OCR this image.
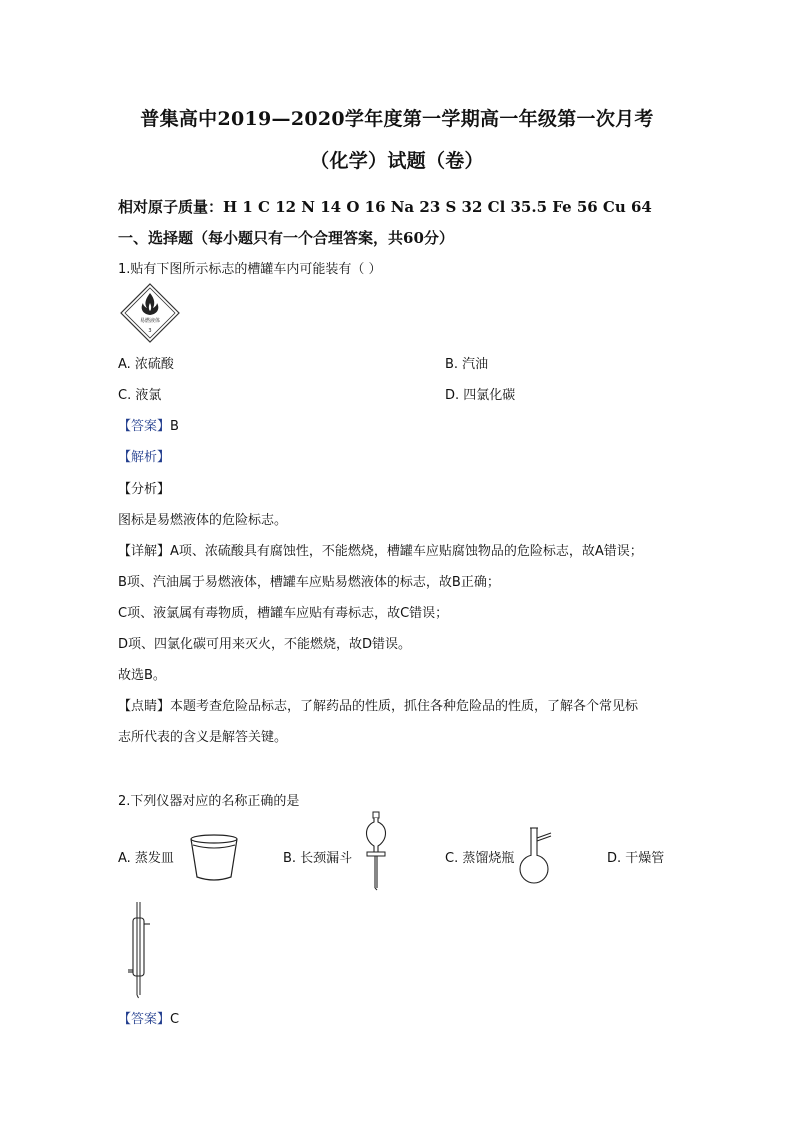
普集高中2019—2020学年度第一学期高一年级第一次月考
（化学）试题（卷）
相对原子质量：H 1 C 12 N 14 O 16 Na 23 S 32 Cl 35.5 Fe 56 Cu 64
一、选择题（每小题只有一个合理答案，共60分）
1.贴有下图所示标志的槽罐车内可能装有（ ）
易燃液体
3
A. 浓硫酸	B. 汽油
C. 液氯	D. 四氯化碳
【答案】B
【解析】
【分析】
图标是易燃液体的危险标志。
【详解】A项、浓硫酸具有腐蚀性，不能燃烧，槽罐车应贴腐蚀物品的危险标志，故A错误；
B项、汽油属于易燃液体，槽罐车应贴易燃液体的标志，故B正确；
C项、液氯属有毒物质，槽罐车应贴有毒标志，故C错误；
D项、四氯化碳可用来灭火，不能燃烧，故D错误。
故选B。
【点睛】本题考查危险品标志，了解药品的性质，抓住各种危险品的性质，了解各个常见标
志所代表的含义是解答关键。
2.下列仪器对应的名称正确的是
A. 蒸发皿	B. 长颈漏斗	C. 蒸馏烧瓶	D. 干燥管
【答案】C
